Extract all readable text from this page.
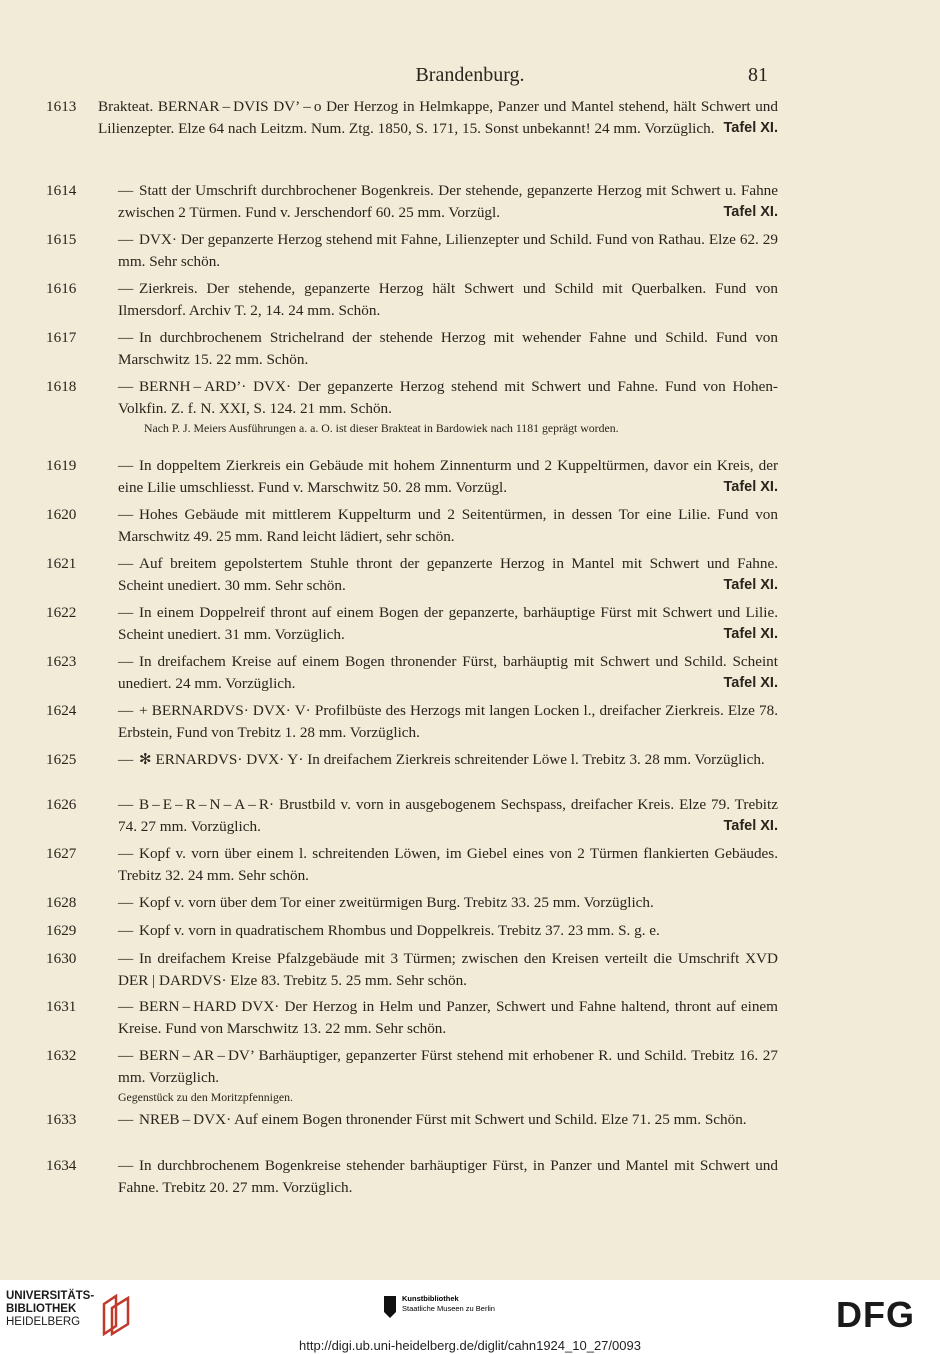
Brandenburg.	81
1613	Brakteat. BERNAR – DVIS DV’ – o Der Herzog in Helmkappe, Panzer und Mantel stehend, hält Schwert und Lilienzepter. Elze 64 nach Leitzm. Num. Ztg. 1850, S. 171, 15. Sonst unbekannt! 24 mm. Vorzüglich. Tafel XI.
1614	— Statt der Umschrift durchbrochener Bogenkreis. Der stehende, gepanzerte Herzog mit Schwert u. Fahne zwischen 2 Türmen. Fund v. Jerschendorf 60. 25 mm. Vorzügl.	Tafel XI.
1615	— DVX· Der gepanzerte Herzog stehend mit Fahne, Lilienzepter und Schild. Fund von Rathau. Elze 62. 29 mm. Sehr schön.
1616	— Zierkreis. Der stehende, gepanzerte Herzog hält Schwert und Schild mit Querbalken. Fund von Ilmersdorf. Archiv T. 2, 14. 24 mm. Schön.
1617	— In durchbrochenem Strichelrand der stehende Herzog mit wehender Fahne und Schild. Fund von Marschwitz 15. 22 mm. Schön.
1618	— BERNH – ARD’· DVX· Der gepanzerte Herzog stehend mit Schwert und Fahne. Fund von Hohen-Volkfin. Z. f. N. XXI, S. 124. 21 mm. Schön.
Nach P. J. Meiers Ausführungen a. a. O. ist dieser Brakteat in Bardowiek nach 1181 geprägt worden.
1619	— In doppeltem Zierkreis ein Gebäude mit hohem Zinnenturm und 2 Kuppeltürmen, davor ein Kreis, der eine Lilie umschliesst. Fund v. Marschwitz 50. 28 mm. Vorzügl.	Tafel XI.
1620	— Hohes Gebäude mit mittlerem Kuppelturm und 2 Seitentürmen, in dessen Tor eine Lilie. Fund von Marschwitz 49. 25 mm. Rand leicht lädiert, sehr schön.
1621	— Auf breitem gepolstertem Stuhle thront der gepanzerte Herzog in Mantel mit Schwert und Fahne. Scheint unediert. 30 mm. Sehr schön.	Tafel XI.
1622	— In einem Doppelreif thront auf einem Bogen der gepanzerte, barhäuptige Fürst mit Schwert und Lilie. Scheint unediert. 31 mm. Vorzüglich.	Tafel XI.
1623	— In dreifachem Kreise auf einem Bogen thronender Fürst, barhäuptig mit Schwert und Schild. Scheint unediert. 24 mm. Vorzüglich.	Tafel XI.
1624	— + BERNARDVS· DVX· V· Profilbüste des Herzogs mit langen Locken l., dreifacher Zierkreis. Elze 78. Erbstein, Fund von Trebitz 1. 28 mm. Vorzüglich.
1625	— ✻ ERNARDVS· DVX· Y· In dreifachem Zierkreis schreitender Löwe l. Trebitz 3. 28 mm. Vorzüglich.
1626	— B – E – R – N – A – R· Brustbild v. vorn in ausgebogenem Sechspass, dreifacher Kreis. Elze 79. Trebitz 74. 27 mm. Vorzüglich.	Tafel XI.
1627	— Kopf v. vorn über einem l. schreitenden Löwen, im Giebel eines von 2 Türmen flankierten Gebäudes. Trebitz 32. 24 mm. Sehr schön.
1628	— Kopf v. vorn über dem Tor einer zweitürmigen Burg. Trebitz 33. 25 mm. Vorzüglich.
1629	— Kopf v. vorn in quadratischem Rhombus und Doppelkreis. Trebitz 37. 23 mm. S. g. e.
1630	— In dreifachem Kreise Pfalzgebäude mit 3 Türmen; zwischen den Kreisen verteilt die Umschrift XVD DER | DARDVS· Elze 83. Trebitz 5. 25 mm. Sehr schön.
1631	— BERN – HARD DVX· Der Herzog in Helm und Panzer, Schwert und Fahne haltend, thront auf einem Kreise. Fund von Marschwitz 13. 22 mm. Sehr schön.
1632	— BERN – AR – DV’ Barhäuptiger, gepanzerter Fürst stehend mit erhobener R. und Schild. Trebitz 16. 27 mm. Vorzüglich.
Gegenstück zu den Moritzpfennigen.
1633	— NREB – DVX· Auf einem Bogen thronender Fürst mit Schwert und Schild. Elze 71. 25 mm. Schön.
1634	— In durchbrochenem Bogenkreise stehender barhäuptiger Fürst, in Panzer und Mantel mit Schwert und Fahne. Trebitz 20. 27 mm. Vorzüglich.
UNIVERSITÄTS-
BIBLIOTHEK
HEIDELBERG
Kunstbibliothek
Staatliche Museen zu Berlin	DFG
http://digi.ub.uni-heidelberg.de/diglit/cahn1924_10_27/0093
